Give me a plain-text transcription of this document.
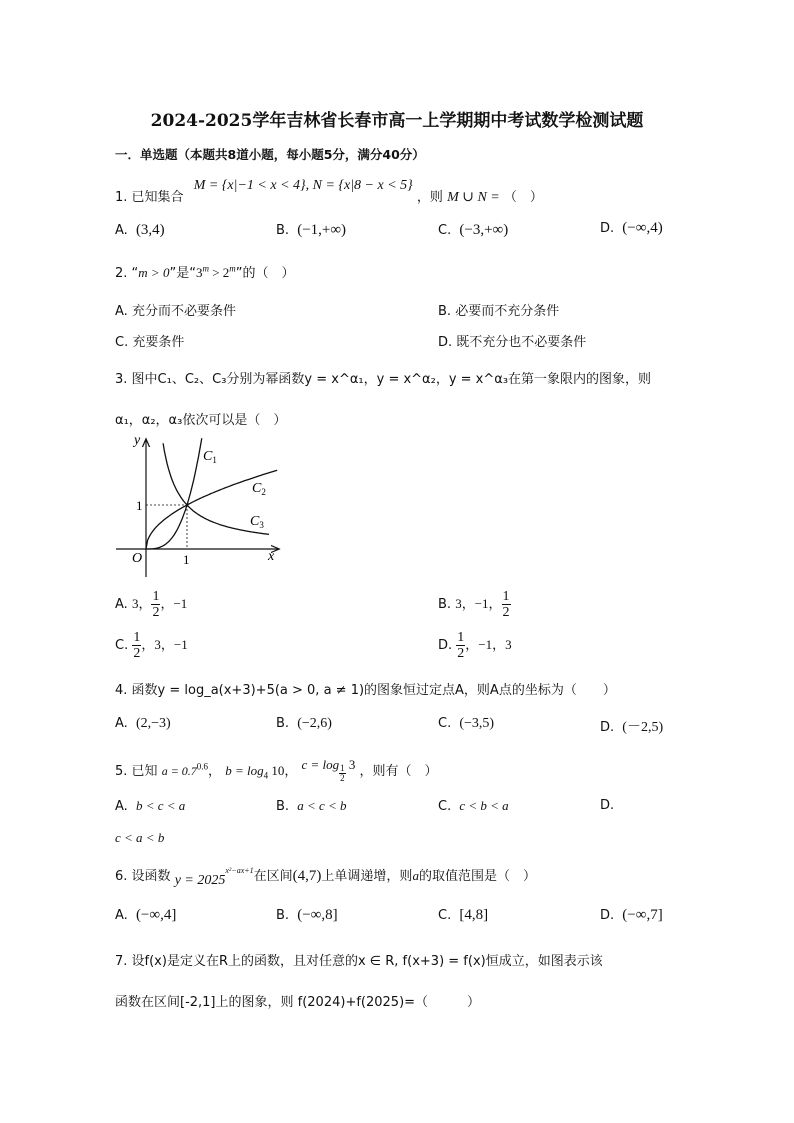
2024-2025学年吉林省长春市高一上学期期中考试数学检测试题
一．单选题（本题共8道小题，每小题5分，满分40分）
1. 已知集合 M = {x|−1 < x < 4}, N = {x|8 − x < 5} ，则 M ∪ N = （　）
A. (3,4)	B. (−1,+∞)	C. (−3,+∞)	D. (−∞,4)
2. “m > 0”是“$3^m > 2^m$”的（　）
A. 充分而不必要条件	B. 必要而不充分条件
C. 充要条件	D. 既不充分也不必要条件
3. 图中C₁、C₂、C₃分别为幂函数y = x^α₁，y = x^α₂，y = x^α₃在第一象限内的图象，则
α₁，α₂，α₃依次可以是（　）
y
x
O	1
1
$C_1$
$C_2$
$C_3$
A. 3， $\frac{1}{2}$ ，−1	B. 3，−1， $\frac{1}{2}$
C. $\frac{1}{2}$ ，3，−1	D. $\frac{1}{2}$ ，−1，3
4. 函数y = log_a(x+3)+5(a > 0, a ≠ 1)的图象恒过定点A，则A点的坐标为（　　）
A. (2,−3)	B. (−2,6)	C. (−3,5)	D. (－2,5)
5. 已知 $a = 0.7^{0.6}$， $b = \log_4 10$， $c = \log \frac{1}{2} 3$ ，则有（　）
A. b < c < a	B. a < c < b	C. c < b < a	D.
c < a < b
6. 设函数 $y = 2025^{x^2-ax+1}$在区间(4,7)上单调递增，则a的取值范围是（　）
A. (−∞,4]	B. (−∞,8]	C. [4,8]	D. (−∞,7]
7. 设f(x)是定义在R上的函数，且对任意的x ∈ R, f(x+3) = f(x)恒成立，如图表示该
函数在区间[-2,1]上的图象，则 f(2024)+f(2025)=（　　　）
